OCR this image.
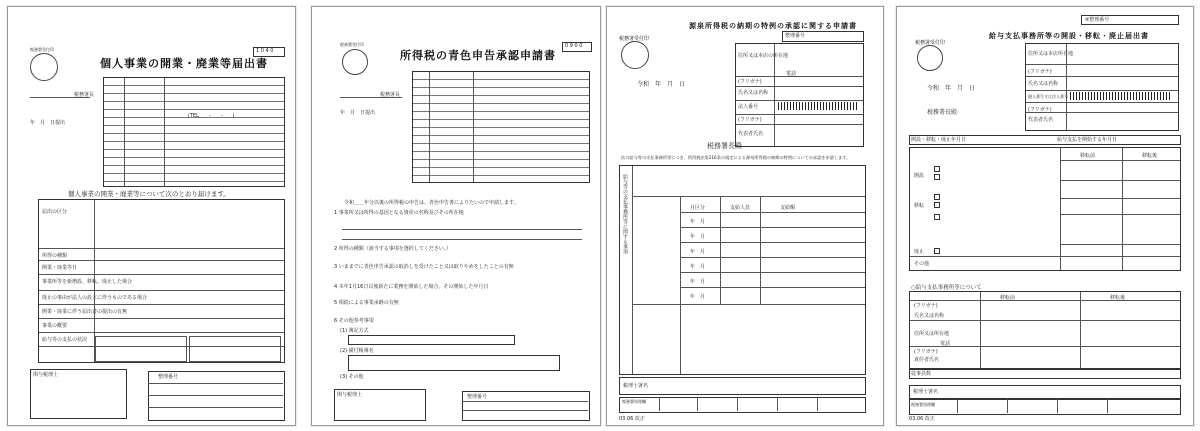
税務署受付印	1 0 4 0
個人事業の開業・廃業等届出書
税務署長
年　月　日提出
(TEL　　-　　-　　)
個人事業の開業・廃業等について次のとおり届けます。
届出の区分
所得の種類
開業・廃業等日
事業所等を新増設、移転、廃止した場合
廃止の事由が法人の設立に伴うものである場合
開業・廃業に伴う届出書の提出の有無
事業の概要
給与等の支払の状況
関与税理士	整理番号
税務署受付印	0 9 0 0
所得税の青色申告承認申請書
税務署長
年　月　日提出
令和＿＿年分以後の所得税の申告は、青色申告書によりたいので申請します。
1 事業所又は所得の基因となる資産の名称及びその所在地
2 所得の種類（該当する事項を選択してください。）
3 いままでに青色申告承認の取消しを受けたこと又は取りやめをしたことの有無
4 本年1月16日以後新たに業務を開始した場合、その開始した年月日
5 相続による事業承継の有無
6 その他参考事項
(1) 簿記方式
(2) 備付帳簿名
(3) その他
関与税理士	整理番号
源泉所得税の納期の特例の承認に関する申請書
税務署受付印	整理番号
令和　年　月　日
税務署長殿
住所又は本店の所在地
電話
(フリガナ)
氏名又は名称
法人番号
(フリガナ)
代表者氏名
次の給与等の支払事務所等につき、所得税法第216条の規定による源泉所得税の納期の特例についての承認を申請します。
給与等の支払事務所等に関する事項	月区分	支給人員	支給額
年　月
年　月
年　月
年　月
年　月
年　月
税理士署名
税務署処理欄
03.06 改正
※整理番号
給与支払事務所等の開設・移転・廃止届出書
税務署受付印
令和　年　月　日
税務署長殿
住所又は本店所在地
(フリガナ)
氏名又は名称
個人番号又は法人番号
(フリガナ)
代表者氏名
開設・移転・廃止年月日	給与支払を開始する年月日
開設
移転
廃止
その他
移転前	移転後
○給与支払事務所等について
移転前	移転後
(フリガナ)
氏名又は名称
住所又は所在地
電話
(フリガナ)
責任者氏名
従事員数
税理士署名
税務署処理欄
03.06 改正
